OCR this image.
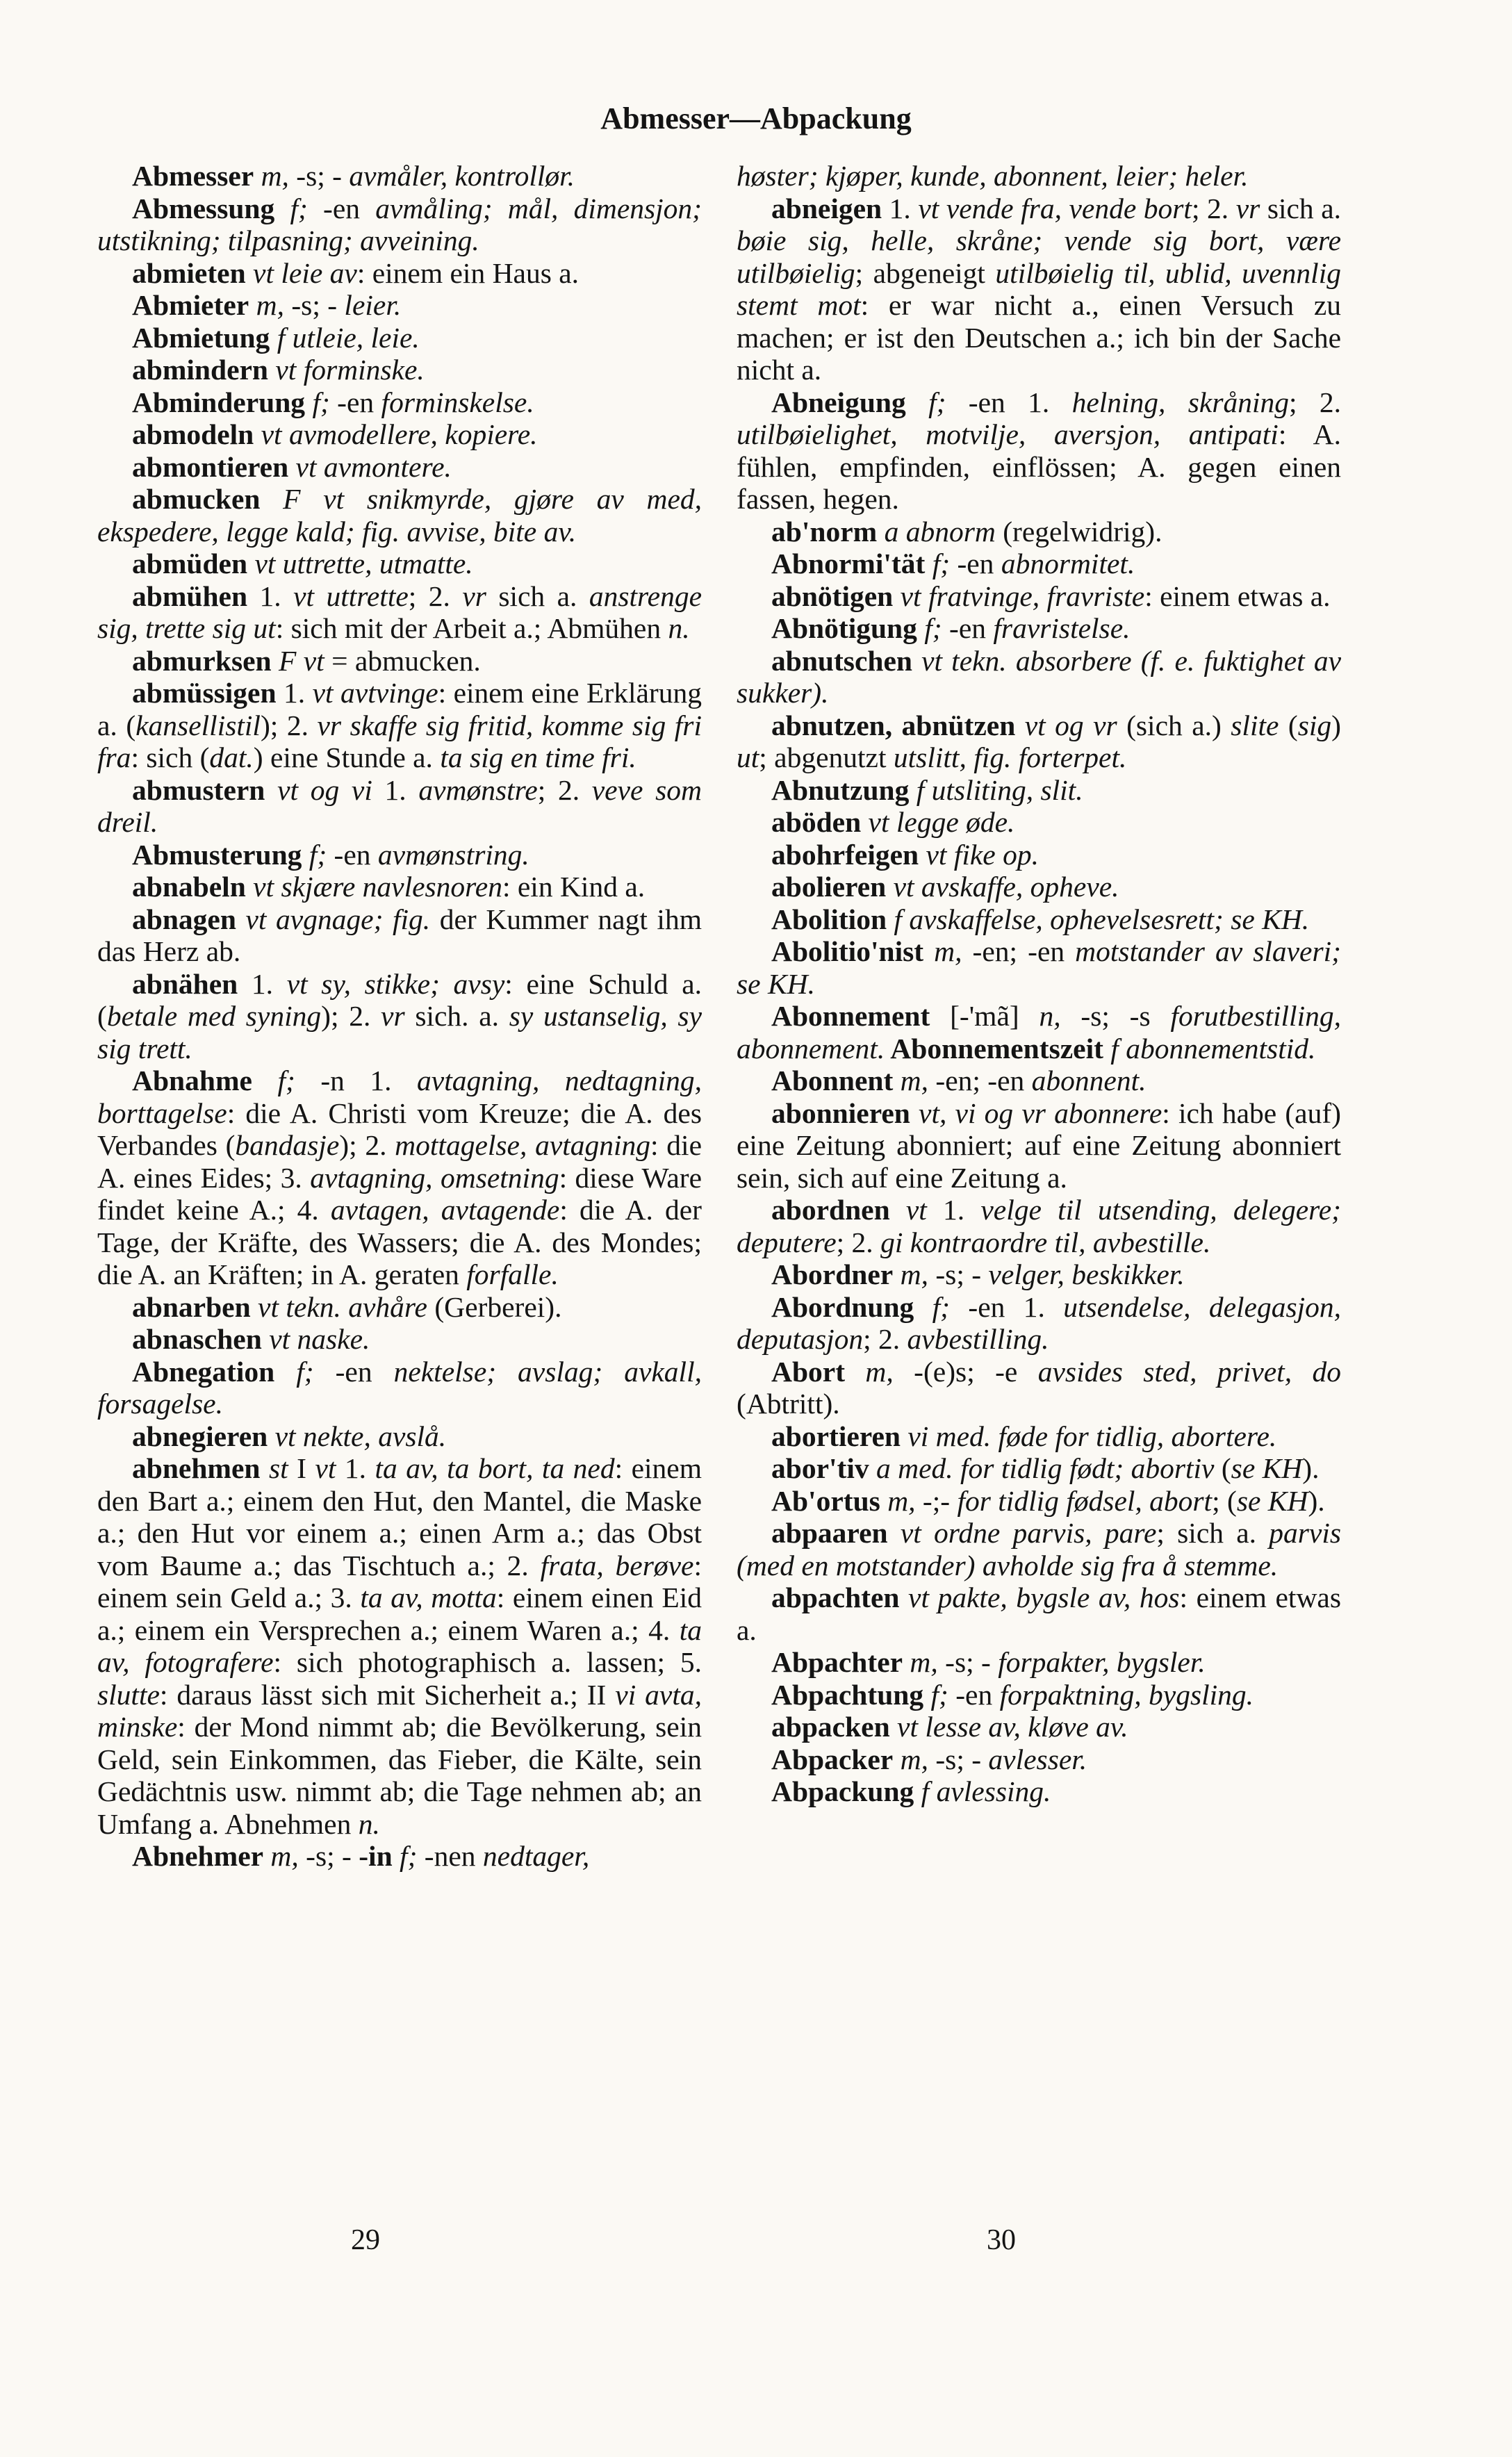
Abmesser—Abpackung

Abmesser m, -s; - avmåler, kontrollør.

Abmessung f; -en avmåling; mål, dimensjon; utstikning; tilpasning; avveining.

abmieten vt leie av: einem ein Haus a.

Abmieter m, -s; - leier.

Abmietung f utleie, leie.

abmindern vt forminske.

Abminderung f; -en forminskelse.

abmodeln vt avmodellere, kopiere.

abmontieren vt avmontere.

abmucken F vt snikmyrde, gjøre av med, ekspedere, legge kald; fig. avvise, bite av.

abmüden vt uttrette, utmatte.

abmühen 1. vt uttrette; 2. vr sich a. anstrenge sig, trette sig ut: sich mit der Arbeit a.; Abmühen n.

abmurksen F vt = abmucken.

abmüssigen 1. vt avtvinge: einem eine Erklärung a. (kansellistil); 2. vr skaffe sig fritid, komme sig fri fra: sich (dat.) eine Stunde a. ta sig en time fri.

abmustern vt og vi 1. avmønstre; 2. veve som dreil.

Abmusterung f; -en avmønstring.

abnabeln vt skjære navlesnoren: ein Kind a.

abnagen vt avgnage; fig. der Kummer nagt ihm das Herz ab.

abnähen 1. vt sy, stikke; avsy: eine Schuld a. (betale med syning); 2. vr sich. a. sy ustanselig, sy sig trett.

Abnahme f; -n 1. avtagning, nedtagning, borttagelse: die A. Christi vom Kreuze; die A. des Verbandes (bandasje); 2. mottagelse, avtagning: die A. eines Eides; 3. avtagning, omsetning: diese Ware findet keine A.; 4. avtagen, avtagende: die A. der Tage, der Kräfte, des Wassers; die A. des Mondes; die A. an Kräften; in A. geraten forfalle.

abnarben vt tekn. avhåre (Gerberei).

abnaschen vt naske.

Abnegation f; -en nektelse; avslag; avkall, forsagelse.

abnegieren vt nekte, avslå.

abnehmen st I vt 1. ta av, ta bort, ta ned: einem den Bart a.; einem den Hut, den Mantel, die Maske a.; den Hut vor einem a.; einen Arm a.; das Obst vom Baume a.; das Tischtuch a.; 2. frata, berøve: einem sein Geld a.; 3. ta av, motta: einem einen Eid a.; einem ein Versprechen a.; einem Waren a.; 4. ta av, fotografere: sich photographisch a. lassen; 5. slutte: daraus lässt sich mit Sicherheit a.; II vi avta, minske: der Mond nimmt ab; die Bevölkerung, sein Geld, sein Einkommen, das Fieber, die Kälte, sein Gedächtnis usw. nimmt ab; die Tage nehmen ab; an Umfang a. Abnehmen n.

Abnehmer m, -s; - -in f; -nen nedtager,

høster; kjøper, kunde, abonnent, leier; heler.

abneigen 1. vt vende fra, vende bort; 2. vr sich a. bøie sig, helle, skråne; vende sig bort, være utilbøielig; abgeneigt utilbøielig til, ublid, uvennlig stemt mot: er war nicht a., einen Versuch zu machen; er ist den Deutschen a.; ich bin der Sache nicht a.

Abneigung f; -en 1. helning, skråning; 2. utilbøielighet, motvilje, aversjon, antipati: A. fühlen, empfinden, einflössen; A. gegen einen fassen, hegen.

ab'norm a abnorm (regelwidrig).

Abnormi'tät f; -en abnormitet.

abnötigen vt fratvinge, fravriste: einem etwas a.

Abnötigung f; -en fravristelse.

abnutschen vt tekn. absorbere (f. e. fuktighet av sukker).

abnutzen, abnützen vt og vr (sich a.) slite (sig) ut; abgenutzt utslitt, fig. forterpet.

Abnutzung f utsliting, slit.

aböden vt legge øde.

abohrfeigen vt fike op.

abolieren vt avskaffe, opheve.

Abolition f avskaffelse, ophevelsesrett; se KH.

Abolitio'nist m, -en; -en motstander av slaveri; se KH.

Abonnement [-'mã] n, -s; -s forutbestilling, abonnement. Abonnementszeit f abonnementstid.

Abonnent m, -en; -en abonnent.

abonnieren vt, vi og vr abonnere: ich habe (auf) eine Zeitung abonniert; auf eine Zeitung abonniert sein, sich auf eine Zeitung a.

abordnen vt 1. velge til utsending, delegere; deputere; 2. gi kontraordre til, avbestille.

Abordner m, -s; - velger, beskikker.

Abordnung f; -en 1. utsendelse, delegasjon, deputasjon; 2. avbestilling.

Abort m, -(e)s; -e avsides sted, privet, do (Abtritt).

abortieren vi med. føde for tidlig, abortere.

abor'tiv a med. for tidlig født; abortiv (se KH).

Ab'ortus m, -;- for tidlig fødsel, abort; (se KH).

abpaaren vt ordne parvis, pare; sich a. parvis (med en motstander) avholde sig fra å stemme.

abpachten vt pakte, bygsle av, hos: einem etwas a.

Abpachter m, -s; - forpakter, bygsler.

Abpachtung f; -en forpaktning, bygsling.

abpacken vt lesse av, kløve av.

Abpacker m, -s; - avlesser.

Abpackung f avlessing.

29	30
